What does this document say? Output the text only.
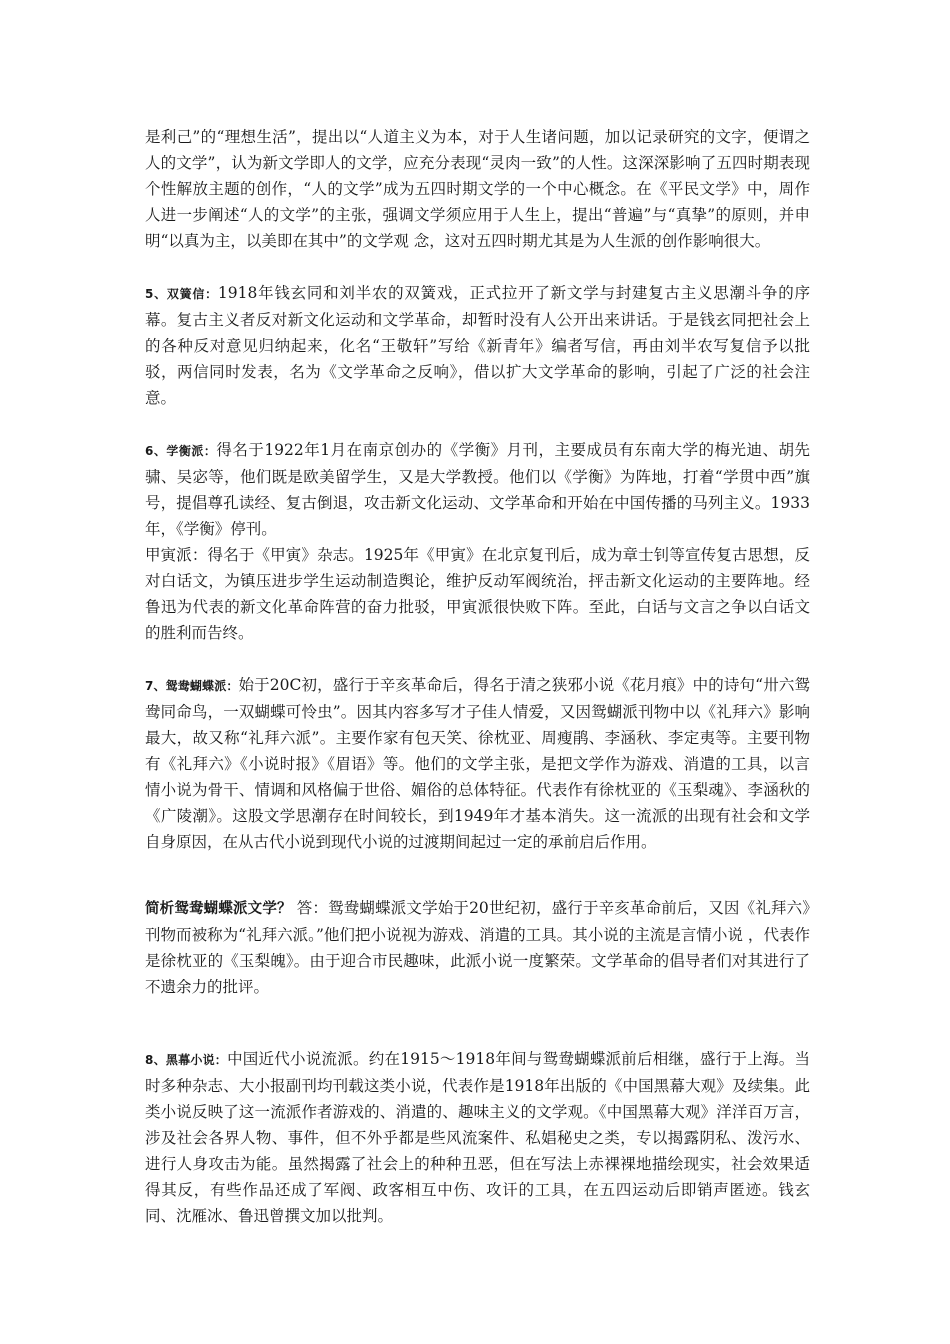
是利己”的“理想生活”，提出以“人道主义为本，对于人生诸问题，加以记录研究的文字，便谓之人的文学”，认为新文学即人的文学，应充分表现“灵肉一致”的人性。这深深影响了五四时期表现个性解放主题的创作，“人的文学”成为五四时期文学的一个中心概念。在《平民文学》中，周作人进一步阐述“人的文学”的主张，强调文学须应用于人生上，提出“普遍”与“真挚”的原则，并申明“以真为主，以美即在其中”的文学观 念，这对五四时期尤其是为人生派的创作影响很大。

5、双簧信：1918年钱玄同和刘半农的双簧戏，正式拉开了新文学与封建复古主义思潮斗争的序幕。复古主义者反对新文化运动和文学革命，却暂时没有人公开出来讲话。于是钱玄同把社会上的各种反对意见归纳起来，化名“王敬轩”写给《新青年》编者写信，再由刘半农写复信予以批驳，两信同时发表，名为《文学革命之反响》，借以扩大文学革命的影响，引起了广泛的社会注意。

6、学衡派：得名于1922年1月在南京创办的《学衡》月刊，主要成员有东南大学的梅光迪、胡先骕、吴宓等，他们既是欧美留学生，又是大学教授。他们以《学衡》为阵地，打着“学贯中西”旗号，提倡尊孔读经、复古倒退，攻击新文化运动、文学革命和开始在中国传播的马列主义。1933年，《学衡》停刊。

甲寅派：得名于《甲寅》杂志。1925年《甲寅》在北京复刊后，成为章士钊等宣传复古思想，反对白话文，为镇压进步学生运动制造舆论，维护反动军阀统治，抨击新文化运动的主要阵地。经鲁迅为代表的新文化革命阵营的奋力批驳，甲寅派很快败下阵。至此，白话与文言之争以白话文的胜利而告终。

7、鸳鸯蝴蝶派：始于20C初，盛行于辛亥革命后，得名于清之狭邪小说《花月痕》中的诗句“卅六鸳鸯同命鸟，一双蝴蝶可怜虫”。因其内容多写才子佳人情爱，又因鸳蝴派刊物中以《礼拜六》影响最大，故又称“礼拜六派”。主要作家有包天笑、徐枕亚、周瘦鹃、李涵秋、李定夷等。主要刊物有《礼拜六》《小说时报》《眉语》等。他们的文学主张，是把文学作为游戏、消遣的工具，以言情小说为骨干、情调和风格偏于世俗、媚俗的总体特征。代表作有徐枕亚的《玉梨魂》、李涵秋的《广陵潮》。这股文学思潮存在时间较长，到1949年才基本消失。这一流派的出现有社会和文学自身原因，在从古代小说到现代小说的过渡期间起过一定的承前启后作用。

简析鸳鸯蝴蝶派文学？ 答：鸳鸯蝴蝶派文学始于20世纪初，盛行于辛亥革命前后，又因《礼拜六》刊物而被称为“礼拜六派。”他们把小说视为游戏、消遣的工具。其小说的主流是言情小说 ，代表作是徐枕亚的《玉梨魄》。由于迎合市民趣味，此派小说一度繁荣。文学革命的倡导者们对其进行了不遗余力的批评。

8、黑幕小说：中国近代小说流派。约在1915～1918年间与鸳鸯蝴蝶派前后相继，盛行于上海。当时多种杂志、大小报副刊均刊载这类小说，代表作是1918年出版的《中国黑幕大观》及续集。此类小说反映了这一流派作者游戏的、消遣的、趣味主义的文学观。《中国黑幕大观》洋洋百万言，涉及社会各界人物、事件，但不外乎都是些风流案件、私娼秘史之类，专以揭露阴私、泼污水、进行人身攻击为能。虽然揭露了社会上的种种丑恶，但在写法上赤裸裸地描绘现实，社会效果适得其反，有些作品还成了军阀、政客相互中伤、攻讦的工具，在五四运动后即销声匿迹。钱玄同、沈雁冰、鲁迅曾撰文加以批判。
